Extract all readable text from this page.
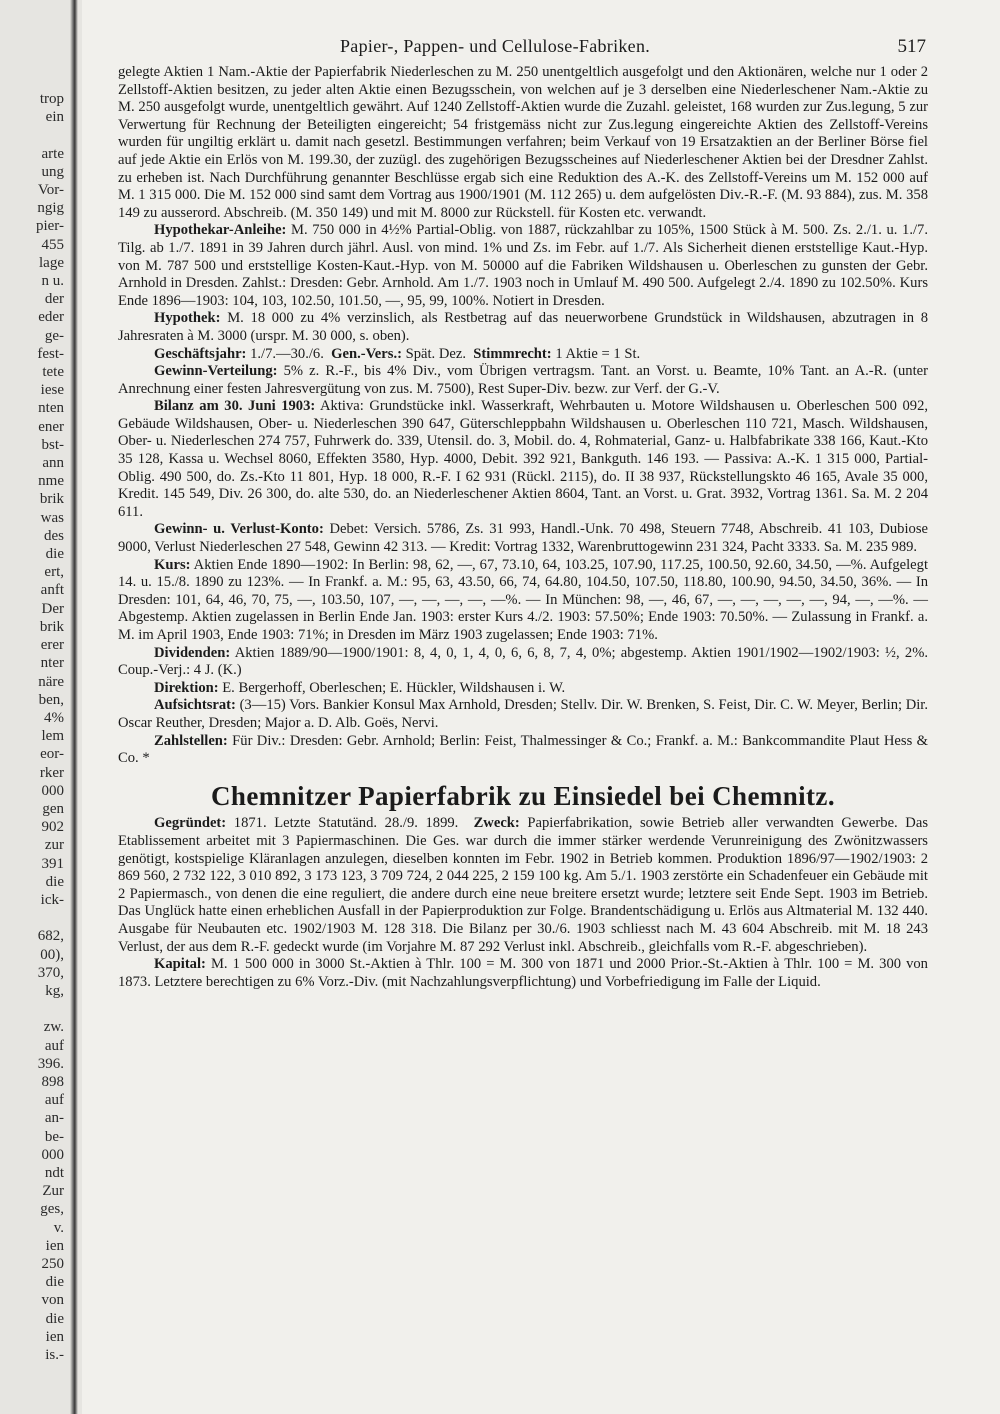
trop
ein

arte
ung
Vor-
ngig
pier-
455
lage
n u.
der
eder
ge-
fest-
tete
iese
nten
ener
bst-
ann
nme
brik
was
des
die
ert,
anft
Der
brik
erer
nter
näre
ben,
4%
lem
eor-
rker
000
gen
902
zur
391
die
ick-

682,
00),
370,
kg,

zw.
auf
396.
898
auf
an-
be-
000
ndt
Zur
ges,
v.
ien
250
die
von
die
ien
is.-
Papier-, Pappen- und Cellulose-Fabriken.	517

gelegte Aktien 1 Nam.-Aktie der Papierfabrik Niederleschen zu M. 250 unentgeltlich ausgefolgt und den Aktionären, welche nur 1 oder 2 Zellstoff-Aktien besitzen, zu jeder alten Aktie einen Bezugsschein, von welchen auf je 3 derselben eine Niederleschener Nam.-Aktie zu M. 250 ausgefolgt wurde, unentgeltlich gewährt. Auf 1240 Zellstoff-Aktien wurde die Zuzahl. geleistet, 168 wurden zur Zus.legung, 5 zur Verwertung für Rechnung der Beteiligten eingereicht; 54 fristgemäss nicht zur Zus.legung eingereichte Aktien des Zellstoff-Vereins wurden für ungiltig erklärt u. damit nach gesetzl. Bestimmungen verfahren; beim Verkauf von 19 Ersatzaktien an der Berliner Börse fiel auf jede Aktie ein Erlös von M. 199.30, der zuzügl. des zugehörigen Bezugsscheines auf Niederleschener Aktien bei der Dresdner Zahlst. zu erheben ist. Nach Durchführung genannter Beschlüsse ergab sich eine Reduktion des A.-K. des Zellstoff-Vereins um M. 152 000 auf M. 1 315 000. Die M. 152 000 sind samt dem Vortrag aus 1900/1901 (M. 112 265) u. dem aufgelösten Div.-R.-F. (M. 93 884), zus. M. 358 149 zu ausserord. Abschreib. (M. 350 149) und mit M. 8000 zur Rückstell. für Kosten etc. verwandt.

Hypothekar-Anleihe: M. 750 000 in 4½% Partial-Oblig. von 1887, rückzahlbar zu 105%, 1500 Stück à M. 500. Zs. 2./1. u. 1./7. Tilg. ab 1./7. 1891 in 39 Jahren durch jährl. Ausl. von mind. 1% und Zs. im Febr. auf 1./7. Als Sicherheit dienen erststellige Kaut.-Hyp. von M. 787 500 und erststellige Kosten-Kaut.-Hyp. von M. 50000 auf die Fabriken Wildshausen u. Oberleschen zu gunsten der Gebr. Arnhold in Dresden. Zahlst.: Dresden: Gebr. Arnhold. Am 1./7. 1903 noch in Umlauf M. 490 500. Aufgelegt 2./4. 1890 zu 102.50%. Kurs Ende 1896—1903: 104, 103, 102.50, 101.50, —, 95, 99, 100%. Notiert in Dresden.

Hypothek: M. 18 000 zu 4% verzinslich, als Restbetrag auf das neuerworbene Grundstück in Wildshausen, abzutragen in 8 Jahresraten à M. 3000 (urspr. M. 30 000, s. oben).

Geschäftsjahr: 1./7.—30./6. Gen.-Vers.: Spät. Dez. Stimmrecht: 1 Aktie = 1 St.

Gewinn-Verteilung: 5% z. R.-F., bis 4% Div., vom Übrigen vertragsm. Tant. an Vorst. u. Beamte, 10% Tant. an A.-R. (unter Anrechnung einer festen Jahresvergütung von zus. M. 7500), Rest Super-Div. bezw. zur Verf. der G.-V.

Bilanz am 30. Juni 1903: Aktiva: Grundstücke inkl. Wasserkraft, Wehrbauten u. Motore Wildshausen u. Oberleschen 500 092, Gebäude Wildshausen, Ober- u. Niederleschen 390 647, Güterschleppbahn Wildshausen u. Oberleschen 110 721, Masch. Wildshausen, Ober- u. Niederleschen 274 757, Fuhrwerk do. 339, Utensil. do. 3, Mobil. do. 4, Rohmaterial, Ganz- u. Halbfabrikate 338 166, Kaut.-Kto 35 128, Kassa u. Wechsel 8060, Effekten 3580, Hyp. 4000, Debit. 392 921, Bankguth. 146 193. — Passiva: A.-K. 1 315 000, Partial-Oblig. 490 500, do. Zs.-Kto 11 801, Hyp. 18 000, R.-F. I 62 931 (Rückl. 2115), do. II 38 937, Rückstellungskto 46 165, Avale 35 000, Kredit. 145 549, Div. 26 300, do. alte 530, do. an Niederleschener Aktien 8604, Tant. an Vorst. u. Grat. 3932, Vortrag 1361. Sa. M. 2 204 611.

Gewinn- u. Verlust-Konto: Debet: Versich. 5786, Zs. 31 993, Handl.-Unk. 70 498, Steuern 7748, Abschreib. 41 103, Dubiose 9000, Verlust Niederleschen 27 548, Gewinn 42 313. — Kredit: Vortrag 1332, Warenbruttogewinn 231 324, Pacht 3333. Sa. M. 235 989.

Kurs: Aktien Ende 1890—1902: In Berlin: 98, 62, —, 67, 73.10, 64, 103.25, 107.90, 117.25, 100.50, 92.60, 34.50, —%. Aufgelegt 14. u. 15./8. 1890 zu 123%. — In Frankf. a. M.: 95, 63, 43.50, 66, 74, 64.80, 104.50, 107.50, 118.80, 100.90, 94.50, 34.50, 36%. — In Dresden: 101, 64, 46, 70, 75, —, 103.50, 107, —, —, —, —, —%. — In München: 98, —, 46, 67, —, —, —, —, —, 94, —, —%. — Abgestemp. Aktien zugelassen in Berlin Ende Jan. 1903: erster Kurs 4./2. 1903: 57.50%; Ende 1903: 70.50%. — Zulassung in Frankf. a. M. im April 1903, Ende 1903: 71%; in Dresden im März 1903 zugelassen; Ende 1903: 71%.

Dividenden: Aktien 1889/90—1900/1901: 8, 4, 0, 1, 4, 0, 6, 6, 8, 7, 4, 0%; abgestemp. Aktien 1901/1902—1902/1903: ½, 2%. Coup.-Verj.: 4 J. (K.)

Direktion: E. Bergerhoff, Oberleschen; E. Hückler, Wildshausen i. W.

Aufsichtsrat: (3—15) Vors. Bankier Konsul Max Arnhold, Dresden; Stellv. Dir. W. Brenken, S. Feist, Dir. C. W. Meyer, Berlin; Dir. Oscar Reuther, Dresden; Major a. D. Alb. Goës, Nervi.

Zahlstellen: Für Div.: Dresden: Gebr. Arnhold; Berlin: Feist, Thalmessinger & Co.; Frankf. a. M.: Bankcommandite Plaut Hess & Co. *

Chemnitzer Papierfabrik zu Einsiedel bei Chemnitz.

Gegründet: 1871. Letzte Statutänd. 28./9. 1899. Zweck: Papierfabrikation, sowie Betrieb aller verwandten Gewerbe. Das Etablissement arbeitet mit 3 Papiermaschinen. Die Ges. war durch die immer stärker werdende Verunreinigung des Zwönitzwassers genötigt, kostspielige Kläranlagen anzulegen, dieselben konnten im Febr. 1902 in Betrieb kommen. Produktion 1896/97—1902/1903: 2 869 560, 2 732 122, 3 010 892, 3 173 123, 3 709 724, 2 044 225, 2 159 100 kg. Am 5./1. 1903 zerstörte ein Schadenfeuer ein Gebäude mit 2 Papiermasch., von denen die eine reguliert, die andere durch eine neue breitere ersetzt wurde; letztere seit Ende Sept. 1903 im Betrieb. Das Unglück hatte einen erheblichen Ausfall in der Papierproduktion zur Folge. Brandentschädigung u. Erlös aus Altmaterial M. 132 440. Ausgabe für Neubauten etc. 1902/1903 M. 128 318. Die Bilanz per 30./6. 1903 schliesst nach M. 43 604 Abschreib. mit M. 18 243 Verlust, der aus dem R.-F. gedeckt wurde (im Vorjahre M. 87 292 Verlust inkl. Abschreib., gleichfalls vom R.-F. abgeschrieben).

Kapital: M. 1 500 000 in 3000 St.-Aktien à Thlr. 100 = M. 300 von 1871 und 2000 Prior.-St.-Aktien à Thlr. 100 = M. 300 von 1873. Letztere berechtigen zu 6% Vorz.-Div. (mit Nachzahlungsverpflichtung) und Vorbefriedigung im Falle der Liquid.
